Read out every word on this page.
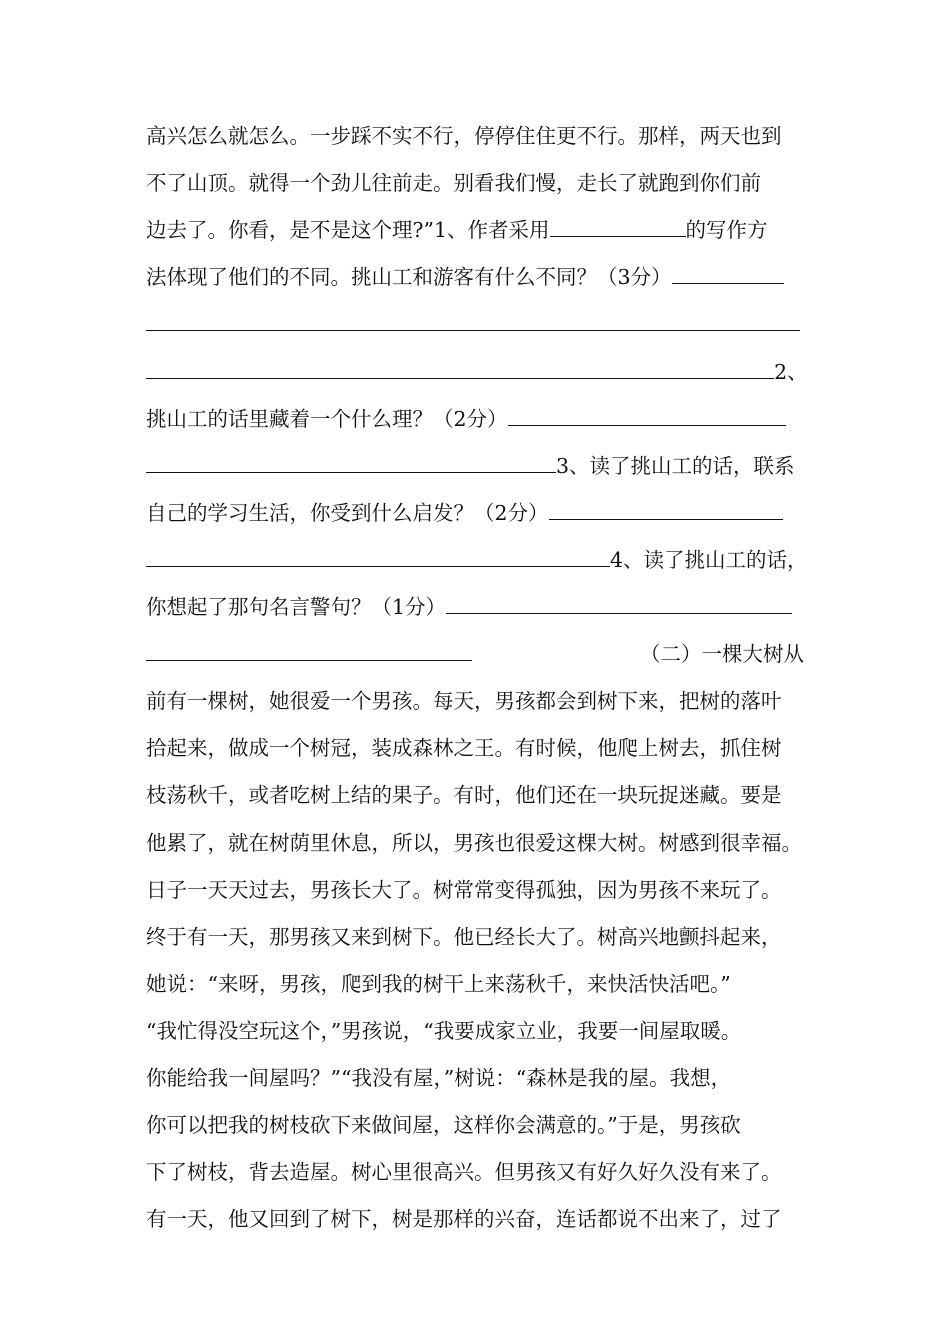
高兴怎么就怎么。一步踩不实不行，停停住住更不行。那样，两天也到
不了山顶。就得一个劲儿往前走。别看我们慢，走长了就跑到你们前
边去了。你看，是不是这个理?”1、作者采用	的写作方
法体现了他们的不同。挑山工和游客有什么不同？（3分）
2、
挑山工的话里藏着一个什么理？（2分）
3、读了挑山工的话，联系
自己的学习生活，你受到什么启发？（2分）
4、读了挑山工的话，
你想起了那句名言警句？（1分）
（二）一棵大树从
前有一棵树，她很爱一个男孩。每天，男孩都会到树下来，把树的落叶
拾起来，做成一个树冠，装成森林之王。有时候，他爬上树去，抓住树
枝荡秋千，或者吃树上结的果子。有时，他们还在一块玩捉迷藏。要是
他累了，就在树荫里休息，所以，男孩也很爱这棵大树。树感到很幸福。
日子一天天过去，男孩长大了。树常常变得孤独，因为男孩不来玩了。
终于有一天，那男孩又来到树下。他已经长大了。树高兴地颤抖起来，
她说：“来呀，男孩，爬到我的树干上来荡秋千，来快活快活吧。”
“我忙得没空玩这个，”男孩说，“我要成家立业，我要一间屋取暖。
你能给我一间屋吗？”“我没有屋，”树说：“森林是我的屋。我想，
你可以把我的树枝砍下来做间屋，这样你会满意的。”于是，男孩砍
下了树枝，背去造屋。树心里很高兴。但男孩又有好久好久没有来了。
有一天，他又回到了树下，树是那样的兴奋，连话都说不出来了，过了
